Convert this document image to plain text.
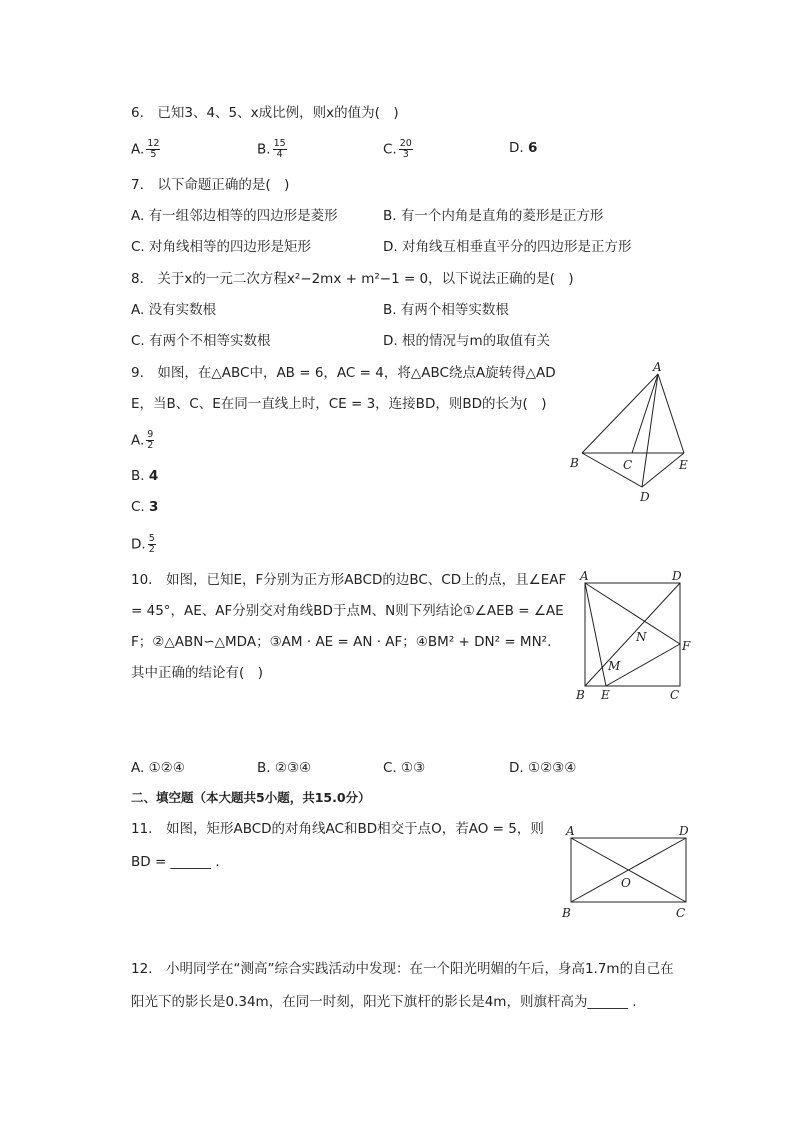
6.　已知3、4、5、x成比例，则x的值为(　)
A. $\frac{12}{5}$	B. $\frac{15}{4}$	C. $\frac{20}{3}$	D. 6
7.　以下命题正确的是(　)
A. 有一组邻边相等的四边形是菱形	B. 有一个内角是直角的菱形是正方形
C. 对角线相等的四边形是矩形	D. 对角线互相垂直平分的四边形是正方形
8.　关于x的一元二次方程x²−2mx + m²−1 = 0，以下说法正确的是(　)
A. 没有实数根	B. 有两个相等实数根
C. 有两个不相等实数根	D. 根的情况与m的取值有关
9.　如图，在△ABC中，AB = 6，AC = 4，将△ABC绕点A旋转得△AD
E，当B、C、E在同一直线上时，CE = 3，连接BD，则BD的长为(　)
A. $\frac{9}{2}$
B. 4
C. 3
D. $\frac{5}{2}$
A
B	C
D
E
10.　如图，已知E，F分别为正方形ABCD的边BC、CD上的点，且∠EAF
= 45°，AE、AF分别交对角线BD于点M、N则下列结论①∠AEB = ∠AE
F；②△ABN∽△MDA；③AM · AE = AN · AF；④BM² + DN² = MN².
其中正确的结论有(　)
A	D
B E	C
F
N
M
A. ①②④	B. ②③④	C. ①③	D. ①②③④
二、填空题（本大题共5小题，共15.0分）
11.　如图，矩形ABCD的对角线AC和BD相交于点O，若AO = 5，则
BD = ______ .
A	D
B	C
O
12.　小明同学在“测高”综合实践活动中发现：在一个阳光明媚的午后，身高1.7m的自己在
阳光下的影长是0.34m，在同一时刻，阳光下旗杆的影长是4m，则旗杆高为______ .
